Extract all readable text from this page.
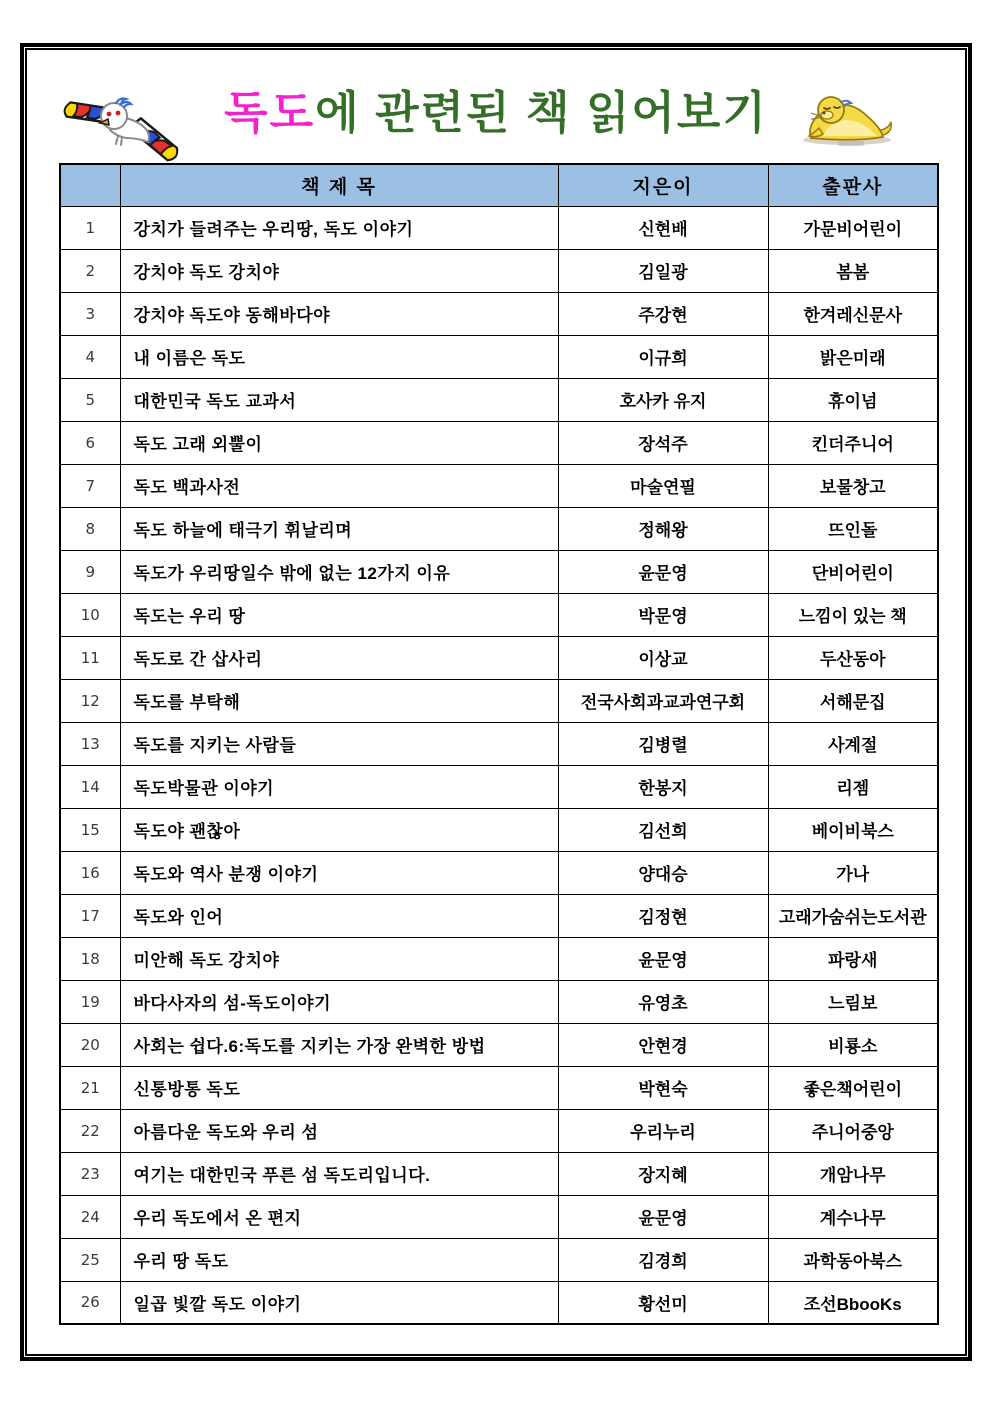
독도에 관련된 책 읽어보기
	책 제 목	지은이	출판사
1	강치가 들려주는 우리땅, 독도 이야기	신현배	가문비어린이
2	강치야 독도 강치야	김일광	봄봄
3	강치야 독도야 동해바다야	주강현	한겨레신문사
4	내 이름은 독도	이규희	밝은미래
5	대한민국 독도 교과서	호사카 유지	휴이넘
6	독도 고래 외뿔이	장석주	킨더주니어
7	독도 백과사전	마술연필	보물창고
8	독도 하늘에 태극기 휘날리며	정해왕	뜨인돌
9	독도가 우리땅일수 밖에 없는 12가지 이유	윤문영	단비어린이
10	독도는 우리 땅	박문영	느낌이 있는 책
11	독도로 간 삽사리	이상교	두산동아
12	독도를 부탁해	전국사회과교과연구회	서해문집
13	독도를 지키는 사람들	김병렬	사계절
14	독도박물관 이야기	한봉지	리젬
15	독도야 괜찮아	김선희	베이비북스
16	독도와 역사 분쟁 이야기	양대승	가나
17	독도와 인어	김정현	고래가숨쉬는도서관
18	미안해 독도 강치야	윤문영	파랑새
19	바다사자의 섬-독도이야기	유영초	느림보
20	사회는 쉽다.6:독도를 지키는 가장 완벽한 방법	안현경	비룡소
21	신통방통 독도	박현숙	좋은책어린이
22	아름다운 독도와 우리 섬	우리누리	주니어중앙
23	여기는 대한민국 푸른 섬 독도리입니다.	장지혜	개암나무
24	우리 독도에서 온 편지	윤문영	계수나무
25	우리 땅 독도	김경희	과학동아북스
26	일곱 빛깔 독도 이야기	황선미	조선BbooKs
